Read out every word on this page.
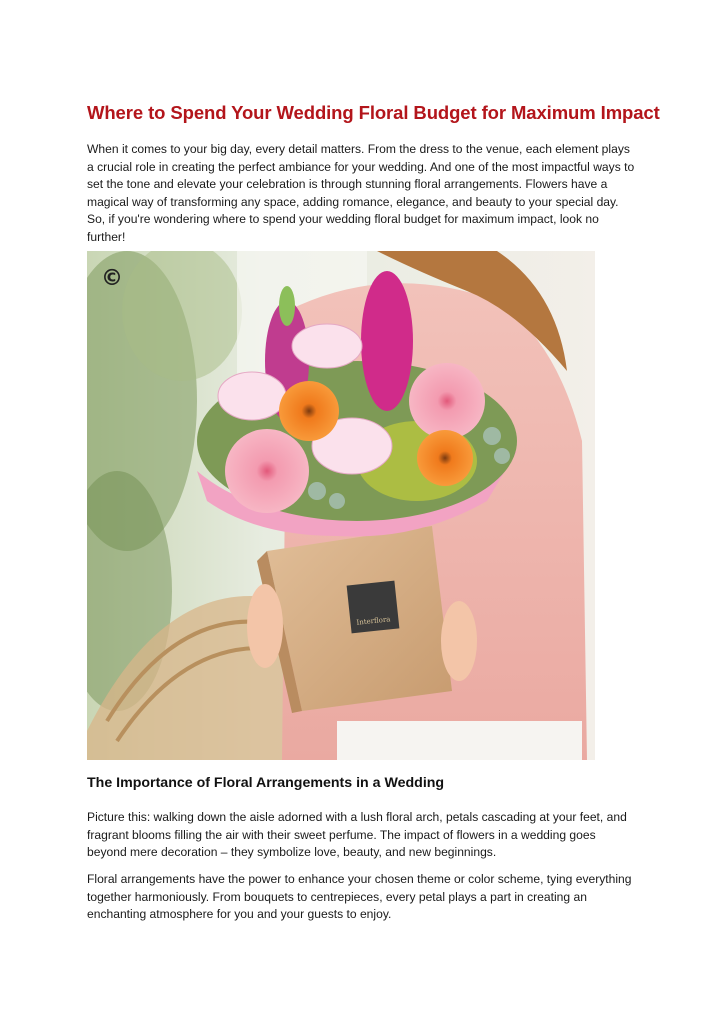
Where to Spend Your Wedding Floral Budget for Maximum Impact

When it comes to your big day, every detail matters. From the dress to the venue, each element plays a crucial role in creating the perfect ambiance for your wedding. And one of the most impactful ways to set the tone and elevate your celebration is through stunning floral arrangements. Flowers have a magical way of transforming any space, adding romance, elegance, and beauty to your special day. So, if you're wondering where to spend your wedding floral budget for maximum impact, look no further!

Interflora
©
The Importance of Floral Arrangements in a Wedding

Picture this: walking down the aisle adorned with a lush floral arch, petals cascading at your feet, and fragrant blooms filling the air with their sweet perfume. The impact of flowers in a wedding goes beyond mere decoration – they symbolize love, beauty, and new beginnings.

Floral arrangements have the power to enhance your chosen theme or color scheme, tying everything together harmoniously. From bouquets to centrepieces, every petal plays a part in creating an enchanting atmosphere for you and your guests to enjoy.
